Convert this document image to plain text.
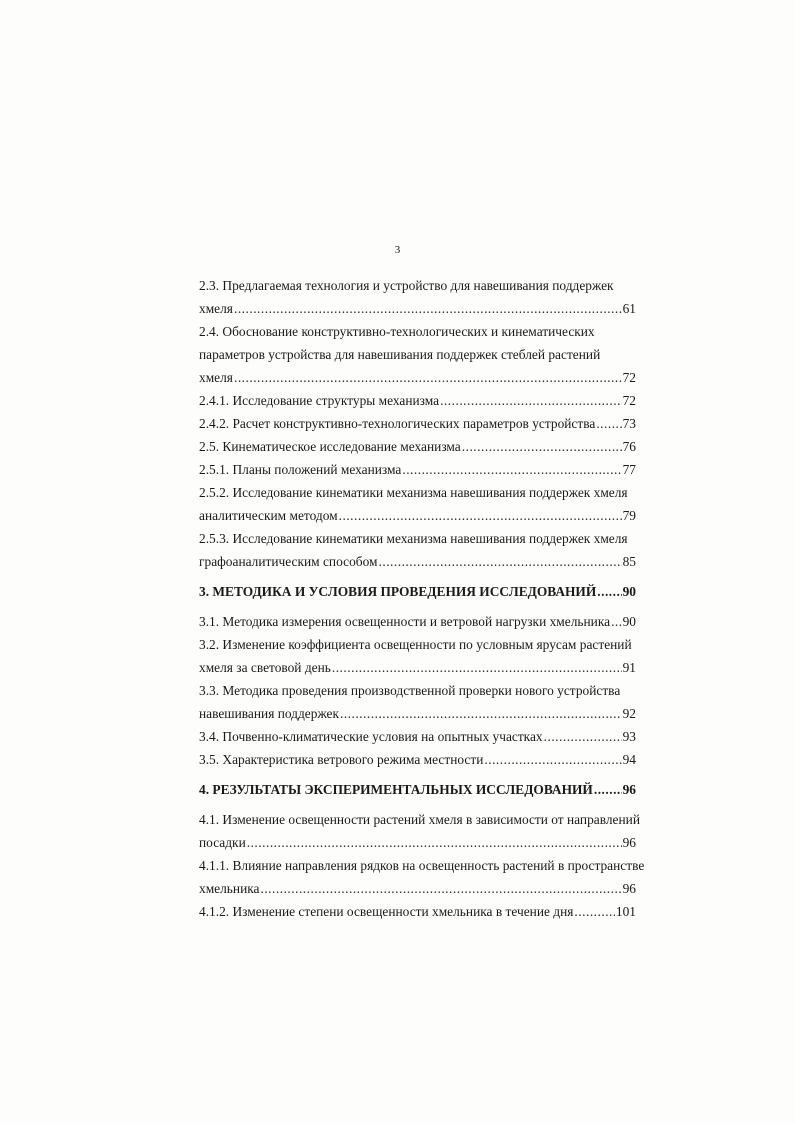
3
2.3. Предлагаемая технология и устройство для навешивания поддержек
хмеля .....	61
2.4. Обоснование конструктивно-технологических и кинематических
параметров устройства для навешивания поддержек стеблей растений
хмеля .....	72
2.4.1. Исследование структуры механизма .....	72
2.4.2. Расчет конструктивно-технологических параметров устройства ..... 73
2.5. Кинематическое исследование механизма .....	76
2.5.1. Планы положений механизма .....	77
2.5.2. Исследование кинематики механизма навешивания поддержек хмеля
аналитическим методом .....	79
2.5.3. Исследование кинематики механизма навешивания поддержек хмеля
графоаналитическим способом .....	85
3. МЕТОДИКА И УСЛОВИЯ ПРОВЕДЕНИЯ ИССЛЕДОВАНИЙ ..... 90
3.1. Методика измерения освещенности и ветровой нагрузки хмельника ..... 90
3.2. Изменение коэффициента освещенности по условным ярусам растений
хмеля за световой день .....	91
3.3. Методика проведения производственной проверки нового устройства
навешивания поддержек .....	92
3.4. Почвенно-климатические условия на опытных участках .....	93
3.5. Характеристика ветрового режима местности .....	94
4. РЕЗУЛЬТАТЫ ЭКСПЕРИМЕНТАЛЬНЫХ ИССЛЕДОВАНИЙ ..... 96
4.1. Изменение освещенности растений хмеля в зависимости от направлений
посадки .....	96
4.1.1. Влияние направления рядков на освещенность растений в пространстве
хмельника .....	96
4.1.2. Изменение степени освещенности хмельника в течение дня .....	101
